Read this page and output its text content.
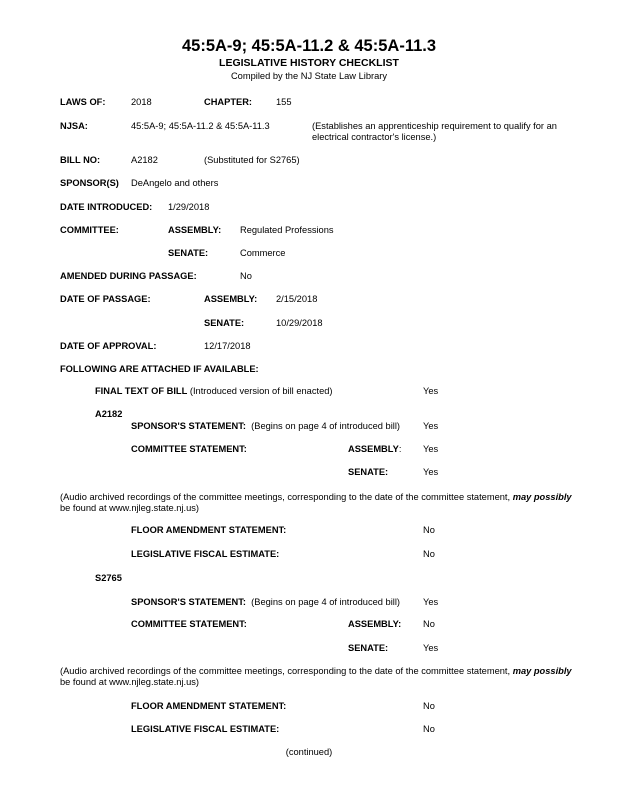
45:5A-9; 45:5A-11.2 & 45:5A-11.3
LEGISLATIVE HISTORY CHECKLIST
Compiled by the NJ State Law Library
LAWS OF:	2018	CHAPTER:	155
NJSA:	45:5A-9; 45:5A-11.2 & 45:5A-11.3	(Establishes an apprenticeship requirement to qualify for an
electrical contractor's license.)
BILL NO:	A2182	(Substituted for S2765)
SPONSOR(S) DeAngelo and others
DATE INTRODUCED: 1/29/2018
COMMITTEE:	ASSEMBLY: Regulated Professions
SENATE:	Commerce
AMENDED DURING PASSAGE:	No
DATE OF PASSAGE:	ASSEMBLY: 2/15/2018
SENATE:	10/29/2018
DATE OF APPROVAL:	12/17/2018
FOLLOWING ARE ATTACHED IF AVAILABLE:
FINAL TEXT OF BILL (Introduced version of bill enacted)	Yes
A2182
SPONSOR'S STATEMENT: (Begins on page 4 of introduced bill) Yes
COMMITTEE STATEMENT:	ASSEMBLY: Yes
SENATE:	Yes
(Audio archived recordings of the committee meetings, corresponding to the date of the committee statement, may possibly
be found at www.njleg.state.nj.us)
FLOOR AMENDMENT STATEMENT:	No
LEGISLATIVE FISCAL ESTIMATE:	No
S2765
SPONSOR'S STATEMENT: (Begins on page 4 of introduced bill) Yes
COMMITTEE STATEMENT:	ASSEMBLY: No
SENATE:	Yes
(Audio archived recordings of the committee meetings, corresponding to the date of the committee statement, may possibly
be found at www.njleg.state.nj.us)
FLOOR AMENDMENT STATEMENT:	No
LEGISLATIVE FISCAL ESTIMATE:	No
(continued)
